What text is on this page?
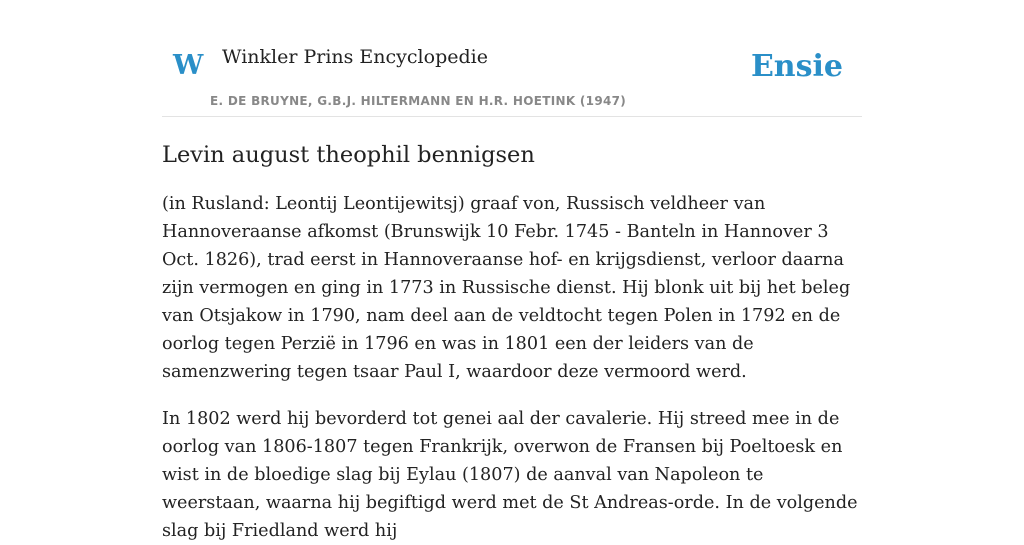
W Winkler Prins Encyclopedie
E. DE BRUYNE, G.B.J. HILTERMANN EN H.R. HOETINK (1947)
Ensie
Levin august theophil bennigsen

(in Rusland: Leontij Leontijewitsj) graaf von, Russisch veldheer van Hannoveraanse afkomst (Brunswijk 10 Febr. 1745 - Banteln in Hannover 3 Oct. 1826), trad eerst in Hannoveraanse hof- en krijgsdienst, verloor daarna zijn vermogen en ging in 1773 in Russische dienst. Hij blonk uit bij het beleg van Otsjakow in 1790, nam deel aan de veldtocht tegen Polen in 1792 en de oorlog tegen Perzië in 1796 en was in 1801 een der leiders van de samenzwering tegen tsaar Paul I, waardoor deze vermoord werd.

In 1802 werd hij bevorderd tot genei aal der cavalerie. Hij streed mee in de oorlog van 1806-1807 tegen Frankrijk, overwon de Fransen bij Poeltoesk en wist in de bloedige slag bij Eylau (1807) de aanval van Napoleon te weerstaan, waarna hij begiftigd werd met de St Andreas-orde. In de volgende slag bij Friedland werd hij
